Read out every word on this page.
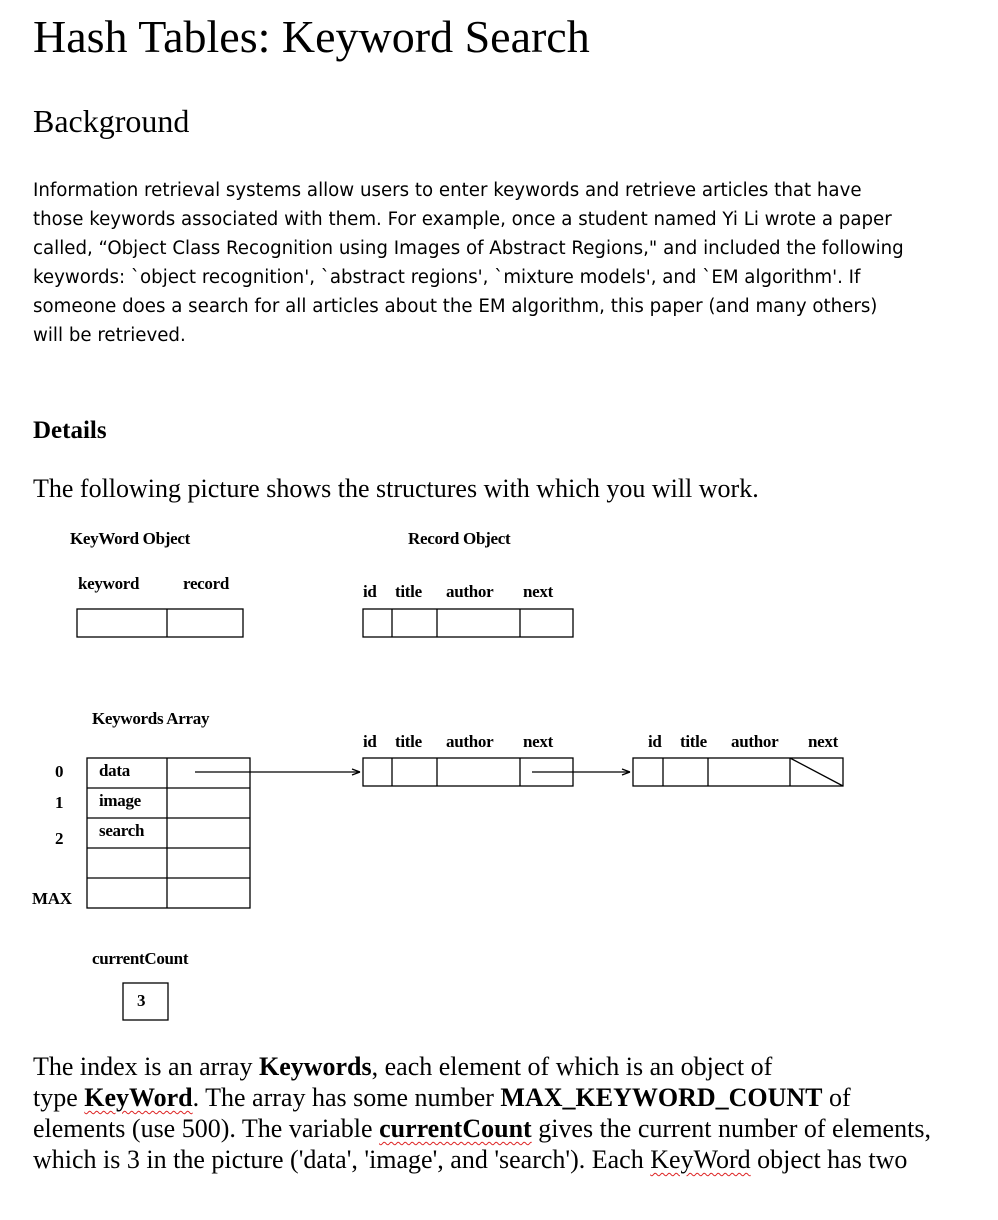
Hash Tables: Keyword Search
Background
Information retrieval systems allow users to enter keywords and retrieve articles that have
those keywords associated with them. For example, once a student named Yi Li wrote a paper
called, “Object Class Recognition using Images of Abstract Regions," and included the following
keywords: `object recognition', `abstract regions', `mixture models', and `EM algorithm'. If
someone does a search for all articles about the EM algorithm, this paper (and many others)
will be retrieved.
Details
The following picture shows the structures with which you will work.
KeyWord Object	Record Object
keyword	record	id title author next
Keywords Array
id title author next	id title author next
0
1
2
MAX
data
image
search
currentCount
3
The index is an array Keywords, each element of which is an object of
type KeyWord. The array has some number MAX_KEYWORD_COUNT of
elements (use 500). The variable currentCount gives the current number of elements,
which is 3 in the picture ('data', 'image', and 'search'). Each KeyWord object has two
